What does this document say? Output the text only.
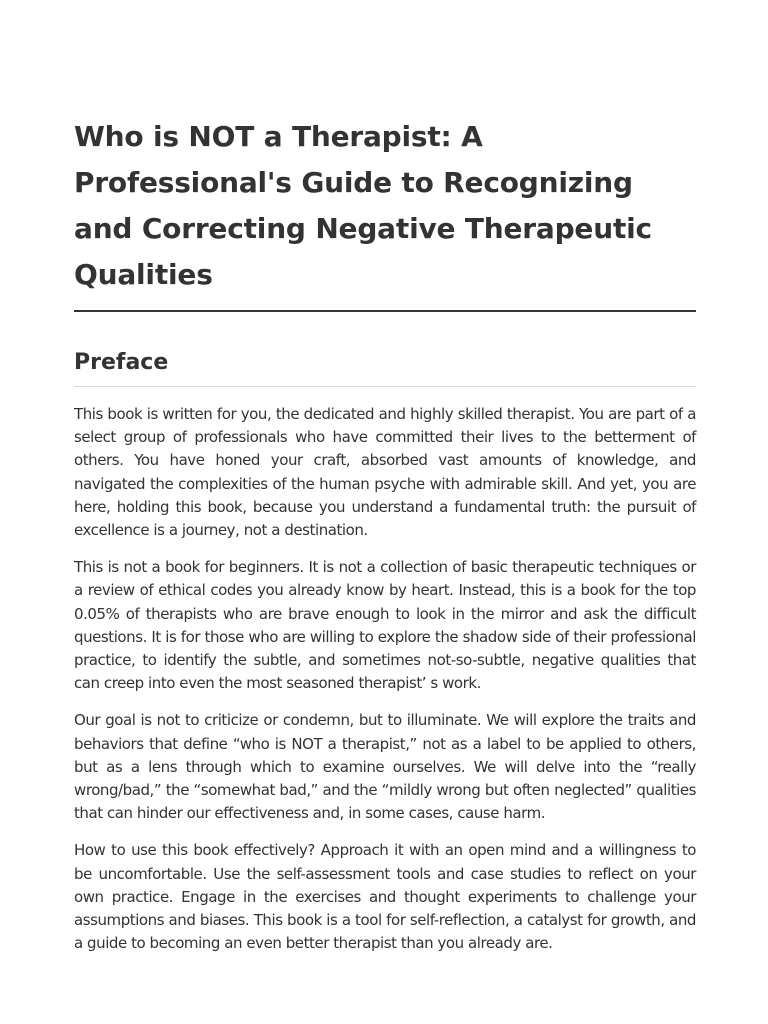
Who is NOT a Therapist: A Professional's Guide to Recognizing and Correcting Negative Therapeutic Qualities
Preface

This book is written for you, the dedicated and highly skilled therapist. You are part of a select group of professionals who have committed their lives to the betterment of others. You have honed your craft, absorbed vast amounts of knowledge, and navigated the complexities of the human psyche with admirable skill. And yet, you are here, holding this book, because you understand a fundamental truth: the pursuit of excellence is a journey, not a destination.

This is not a book for beginners. It is not a collection of basic therapeutic techniques or a review of ethical codes you already know by heart. Instead, this is a book for the top 0.05% of therapists who are brave enough to look in the mirror and ask the difficult questions. It is for those who are willing to explore the shadow side of their professional practice, to identify the subtle, and sometimes not-so-subtle, negative qualities that can creep into even the most seasoned therapist’ s work.

Our goal is not to criticize or condemn, but to illuminate. We will explore the traits and behaviors that define “who is NOT a therapist,” not as a label to be applied to others, but as a lens through which to examine ourselves. We will delve into the “really wrong/bad,” the “somewhat bad,” and the “mildly wrong but often neglected” qualities that can hinder our effectiveness and, in some cases, cause harm.

How to use this book effectively? Approach it with an open mind and a willingness to be uncomfortable. Use the self-assessment tools and case studies to reflect on your own practice. Engage in the exercises and thought experiments to challenge your assumptions and biases. This book is a tool for self-reflection, a catalyst for growth, and a guide to becoming an even better therapist than you already are.
